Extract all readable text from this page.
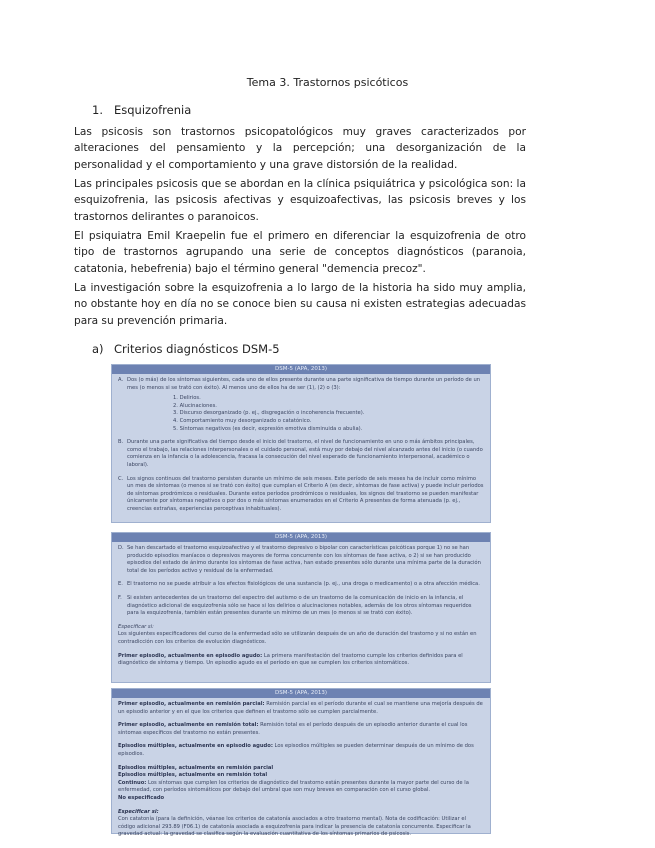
Tema 3. Trastornos psicóticos
1. Esquizofrenia
Las psicosis son trastornos psicopatológicos muy graves caracterizados por alteraciones del pensamiento y la percepción; una desorganización de la personalidad y el comportamiento y una grave distorsión de la realidad.
Las principales psicosis que se abordan en la clínica psiquiátrica y psicológica son: la esquizofrenia, las psicosis afectivas y esquizoafectivas, las psicosis breves y los trastornos delirantes o paranoicos.
El psiquiatra Emil Kraepelin fue el primero en diferenciar la esquizofrenia de otro tipo de trastornos agrupando una serie de conceptos diagnósticos (paranoia, catatonia, hebefrenia) bajo el término general "demencia precoz".
La investigación sobre la esquizofrenia a lo largo de la historia ha sido muy amplia, no obstante hoy en día no se conoce bien su causa ni existen estrategias adecuadas para su prevención primaria.
a) Criterios diagnósticos DSM-5
DSM-5 (APA, 2013)
A. Dos (o más) de los síntomas siguientes, cada uno de ellos presente durante una parte significativa de tiempo durante un período de un mes (o menos si se trató con éxito). Al menos uno de ellos ha de ser (1), (2) o (3):
1. Delirios.
2. Alucinaciones.
3. Discurso desorganizado (p. ej., disgregación o incoherencia frecuente).
4. Comportamiento muy desorganizado o catatónico.
5. Síntomas negativos (es decir, expresión emotiva disminuida o abulia).
B. Durante una parte significativa del tiempo desde el inicio del trastorno, el nivel de funcionamiento en uno o más ámbitos principales, como el trabajo, las relaciones interpersonales o el cuidado personal, está muy por debajo del nivel alcanzado antes del inicio (o cuando comienza en la infancia o la adolescencia, fracasa la consecución del nivel esperado de funcionamiento interpersonal, académico o laboral).
C. Los signos continuos del trastorno persisten durante un mínimo de seis meses. Este período de seis meses ha de incluir como mínimo un mes de síntomas (o menos si se trató con éxito) que cumplan el Criterio A (es decir, síntomas de fase activa) y puede incluir períodos de síntomas prodrómicos o residuales. Durante estos períodos prodrómicos o residuales, los signos del trastorno se pueden manifestar únicamente por síntomas negativos o por dos o más síntomas enumerados en el Criterio A presentes de forma atenuada (p. ej., creencias extrañas, experiencias perceptivas inhabituales).
DSM-5 (APA, 2013)
D. Se han descartado el trastorno esquizoafectivo y el trastorno depresivo o bipolar con características psicóticas porque 1) no se han producido episodios maníacos o depresivos mayores de forma concurrente con los síntomas de fase activa, o 2) si se han producido episodios del estado de ánimo durante los síntomas de fase activa, han estado presentes sólo durante una mínima parte de la duración total de los períodos activo y residual de la enfermedad.
E. El trastorno no se puede atribuir a los efectos fisiológicos de una sustancia (p. ej., una droga o medicamento) o a otra afección médica.
F. Si existen antecedentes de un trastorno del espectro del autismo o de un trastorno de la comunicación de inicio en la infancia, el diagnóstico adicional de esquizofrenia sólo se hace si los delirios o alucinaciones notables, además de los otros síntomas requeridos para la esquizofrenia, también están presentes durante un mínimo de un mes (o menos si se trató con éxito).
Especificar si:
Los siguientes especificadores del curso de la enfermedad sólo se utilizarán después de un año de duración del trastorno y si no están en contradicción con los criterios de evolución diagnósticos.
Primer episodio, actualmente en episodio agudo: La primera manifestación del trastorno cumple los criterios definidos para el diagnóstico de síntoma y tiempo. Un episodio agudo es el período en que se cumplen los criterios sintomáticos.
DSM-5 (APA, 2013)
Primer episodio, actualmente en remisión parcial: Remisión parcial es el período durante el cual se mantiene una mejoría después de un episodio anterior y en el que los criterios que definen el trastorno sólo se cumplen parcialmente.
Primer episodio, actualmente en remisión total: Remisión total es el período después de un episodio anterior durante el cual los síntomas específicos del trastorno no están presentes.
Episodios múltiples, actualmente en episodio agudo: Los episodios múltiples se pueden determinar después de un mínimo de dos episodios.
Episodios múltiples, actualmente en remisión parcial
Episodios múltiples, actualmente en remisión total
Continuo: Los síntomas que cumplen los criterios de diagnóstico del trastorno están presentes durante la mayor parte del curso de la enfermedad, con períodos sintomáticos por debajo del umbral que son muy breves en comparación con el curso global.
No especificado
Especificar si:
Con catatonía (para la definición, véanse los criterios de catatonía asociados a otro trastorno mental). Nota de codificación: Utilizar el código adicional 293.89 (F06.1) de catatonía asociada a esquizofrenia para indicar la presencia de catatonía concurrente. Especificar la gravedad actual: la gravedad se clasifica según la evaluación cuantitativa de los síntomas primarios de psicosis.
